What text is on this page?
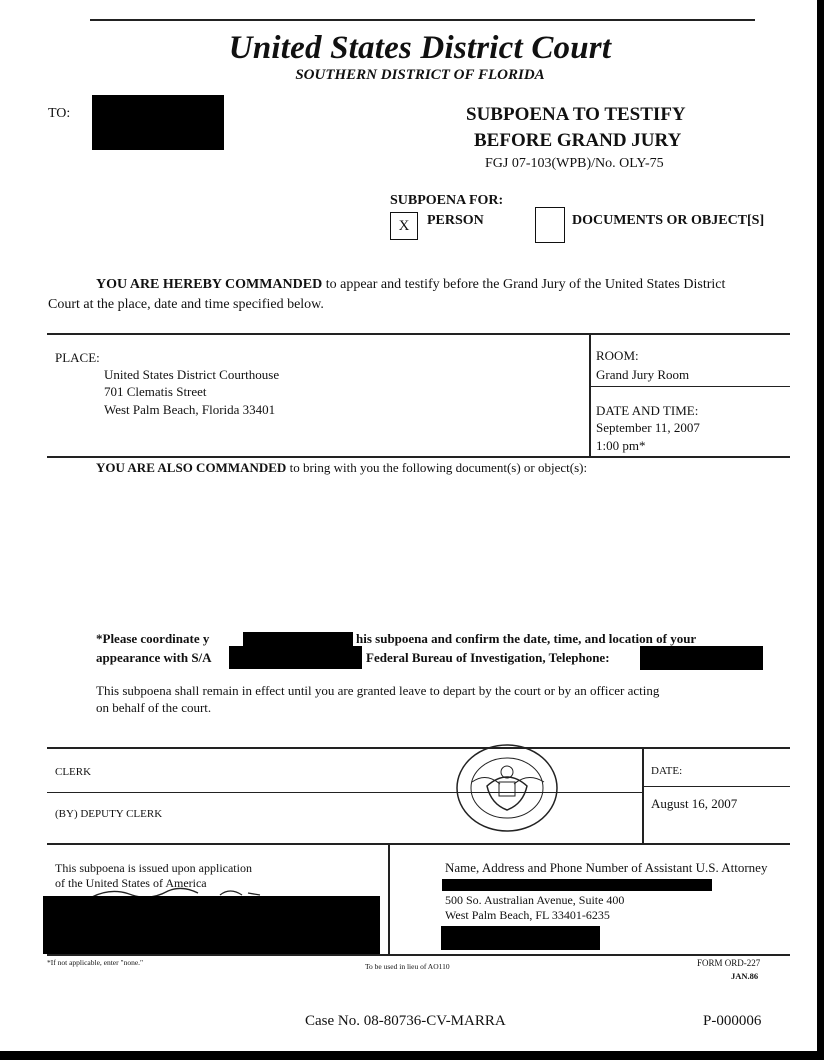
United States District Court
SOUTHERN DISTRICT OF FLORIDA
TO:	SUBPOENA TO TESTIFY
BEFORE GRAND JURY
FGJ 07-103(WPB)/No. OLY-75
SUBPOENA FOR:
X	PERSON	DOCUMENTS OR OBJECT[S]
YOU ARE HEREBY COMMANDED to appear and testify before the Grand Jury of the United States District
Court at the place, date and time specified below.
PLACE:
United States District Courthouse
701 Clematis Street
West Palm Beach, Florida 33401
ROOM:
Grand Jury Room
DATE AND TIME:
September 11, 2007
1:00 pm*
YOU ARE ALSO COMMANDED to bring with you the following document(s) or object(s):
*Please coordinate y	his subpoena and confirm the date, time, and location of your
appearance with S/A	Federal Bureau of Investigation, Telephone:
This subpoena shall remain in effect until you are granted leave to depart by the court or by an officer acting
on behalf of the court.
CLERK
(BY) DEPUTY CLERK
DATE:
August 16, 2007
This subpoena is issued upon application
of the United States of America
Name, Address and Phone Number of Assistant U.S. Attorney
500 So. Australian Avenue, Suite 400
West Palm Beach, FL 33401-6235
*If not applicable, enter "none."	To be used in lieu of AO110	FORM ORD-227
JAN.86
Case No. 08-80736-CV-MARRA	P-000006
